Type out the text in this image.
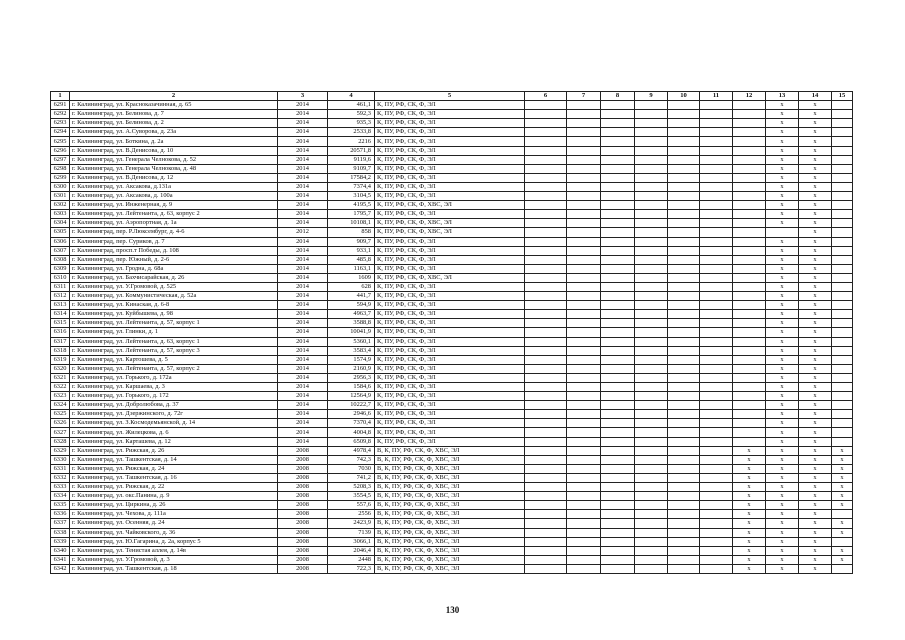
1	2	3	4	5	6	7	8	9	10	11	12	13	14	15
6291	г. Калининград, ул. Красноказачинная, д. 65	2014	461,1	К, ПУ, РФ, СК, Ф, ЭЛ								х	х	
6292	г. Калининград, ул. Белинова, д. 7	2014	592,3	К, ПУ, РФ, СК, Ф, ЭЛ								х	х	
6293	г. Калининград, ул. Белинова, д. 2	2014	935,3	К, ПУ, РФ, СК, Ф, ЭЛ								х	х	
6294	г. Калининград, ул. А.Суворова, д. 23а	2014	2533,8	К, ПУ, РФ, СК, Ф, ЭЛ								х	х	
6295	г. Калининград, ул. Боткина, д. 2а	2014	2216	К, ПУ, РФ, СК, Ф, ЭЛ								х	х	
6296	г. Калининград, ул. В.Денисова, д. 10	2014	20571,8	К, ПУ, РФ, СК, Ф, ЭЛ								х	х	
6297	г. Калининград, ул. Генерала Челнокова, д. 52	2014	9119,6	К, ПУ, РФ, СК, Ф, ЭЛ								х	х	
6298	г. Калининград, ул. Генерала Челнокова, д. 48	2014	9109,7	К, ПУ, РФ, СК, Ф, ЭЛ								х	х	
6299	г. Калининград, ул. В.Денисова, д. 12	2014	17584,2	К, ПУ, РФ, СК, Ф, ЭЛ								х	х	
6300	г. Калининград, ул. Аксакова, д.131а	2014	7374,4	К, ПУ, РФ, СК, Ф, ЭЛ								х	х	
6301	г. Калининград, ул. Аксакова, д. 100а	2014	3104,5	К, ПУ, РФ, СК, Ф, ЭЛ								х	х	
6302	г. Калининград, ул. Инженерная, д. 9	2014	4195,5	К, ПУ, РФ, СК, Ф, ХВС, ЭЛ								х	х	
6303	г. Калининград, ул. Лейтенанта, д. 63, корпус 2	2014	1795,7	К, ПУ, РФ, СК, Ф, ЭЛ								х	х	
6304	г. Калининград, ул. Аэропортная, д. 1а	2014	10108,1	К, ПУ, РФ, СК, Ф, ХВС, ЭЛ								х	х	
6305	г. Калининград, пер. Р.Люксембург, д. 4-6	2012	858	К, ПУ, РФ, СК, Ф, ХВС, ЭЛ									х	
6306	г. Калининград, пер. Суриков, д. 7	2014	909,7	К, ПУ, РФ, СК, Ф, ЭЛ								х	х	
6307	г. Калининград, просп.т Победы, д. 108	2014	933,1	К, ПУ, РФ, СК, Ф, ЭЛ								х	х	
6308	г. Калининград, пер. Южный, д. 2-6	2014	485,8	К, ПУ, РФ, СК, Ф, ЭЛ								х	х	
6309	г. Калининград, ул. Гродна, д. 68а	2014	1163,1	К, ПУ, РФ, СК, Ф, ЭЛ								х	х	
6310	г. Калининград, ул. Бахчисарайская, д. 26	2014	1609	К, ПУ, РФ, СК, Ф, ХВС, ЭЛ								х	х	
6311	г. Калининград, ул. У.Громовой, д. 525	2014	628	К, ПУ, РФ, СК, Ф, ЭЛ								х	х	
6312	г. Калининград, ул. Коммунистическая, д. 52а	2014	441,7	К, ПУ, РФ, СК, Ф, ЭЛ								х	х	
6313	г. Калининград, ул. Кинаская, д. 6-8	2014	594,9	К, ПУ, РФ, СК, Ф, ЭЛ								х	х	
6314	г. Калининград, ул. Куйбышева, д. 98	2014	4963,7	К, ПУ, РФ, СК, Ф, ЭЛ								х	х	
6315	г. Калининград, ул. Лейтенанта, д. 57, корпус 1	2014	3588,8	К, ПУ, РФ, СК, Ф, ЭЛ								х	х	
6316	г. Калининград, ул. Глинки, д. 1	2014	10041,9	К, ПУ, РФ, СК, Ф, ЭЛ								х	х	
6317	г. Калининград, ул. Лейтенанта, д. 63, корпус 1	2014	5360,1	К, ПУ, РФ, СК, Ф, ЭЛ								х	х	
6318	г. Калининград, ул. Лейтенанта, д. 57, корпус 3	2014	3583,4	К, ПУ, РФ, СК, Ф, ЭЛ								х	х	
6319	г. Калининград, ул. Картошева, д. 5	2014	1574,9	К, ПУ, РФ, СК, Ф, ЭЛ								х	х	
6320	г. Калининград, ул. Лейтенанта, д. 57, корпус 2	2014	2160,9	К, ПУ, РФ, СК, Ф, ЭЛ								х	х	
6321	г. Калининград, ул. Горького, д. 172а	2014	2956,3	К, ПУ, РФ, СК, Ф, ЭЛ								х	х	
6322	г. Калининград, ул. Каршаева, д. 3	2014	1584,6	К, ПУ, РФ, СК, Ф, ЭЛ								х	х	
6323	г. Калининград, ул. Горького, д. 172	2014	12564,9	К, ПУ, РФ, СК, Ф, ЭЛ								х	х	
6324	г. Калининград, ул. Добролюбова, д. 37	2014	10222,7	К, ПУ, РФ, СК, Ф, ЭЛ								х	х	
6325	г. Калининград, ул. Дзержинского, д. 72г	2014	2946,6	К, ПУ, РФ, СК, Ф, ЭЛ								х	х	
6326	г. Калининград, ул. З.Космодемьянской, д. 14	2014	7370,4	К, ПУ, РФ, СК, Ф, ЭЛ								х	х	
6327	г. Калининград, ул. Жилецкова, д. 6	2014	4004,8	К, ПУ, РФ, СК, Ф, ЭЛ								х	х	
6328	г. Калининград, ул. Карташева, д. 12	2014	6509,8	К, ПУ, РФ, СК, Ф, ЭЛ								х	х	
6329	г. Калининград, ул. Рижская, д. 26	2008	4978,4	В, К, ПУ, РФ, СК, Ф, ХВС, ЭЛ							х	х	х	х
6330	г. Калининград, ул. Ташкентская, д. 14	2008	742,3	В, К, ПУ, РФ, СК, Ф, ХВС, ЭЛ							х	х	х	х
6331	г. Калининград, ул. Рижская, д. 24	2008	7030	В, К, ПУ, РФ, СК, Ф, ХВС, ЭЛ							х	х	х	х
6332	г. Калининград, ул. Ташкентская, д. 16	2008	741,2	В, К, ПУ, РФ, СК, Ф, ХВС, ЭЛ							х	х	х	х
6333	г. Калининград, ул. Рижская, д. 22	2008	5208,3	В, К, ПУ, РФ, СК, Ф, ХВС, ЭЛ							х	х	х	х
6334	г. Калининград, ул. окс.Панина, д. 9	2008	3554,5	В, К, ПУ, РФ, СК, Ф, ХВС, ЭЛ							х	х	х	х
6335	г. Калининград, ул. Циркина, д. 26	2008	557,6	В, К, ПУ, РФ, СК, Ф, ХВС, ЭЛ							х	х	х	х
6336	г. Калининград, ул. Чехова, д. 111а	2008	2556	В, К, ПУ, РФ, СК, Ф, ХВС, ЭЛ							х	х	х	
6337	г. Калининград, ул. Осенняя, д. 24	2008	2423,9	В, К, ПУ, РФ, СК, Ф, ХВС, ЭЛ							х	х	х	х
6338	г. Калининград, ул. Чайковского, д. 36	2008	7139	В, К, ПУ, РФ, СК, Ф, ХВС, ЭЛ							х	х	х	х
6339	г. Калининград, ул. Ю.Гагарина, д. 2а, корпус 5	2008	3066,1	В, К, ПУ, РФ, СК, Ф, ХВС, ЭЛ							х	х	х	
6340	г. Калининград, ул. Тенистая аллея, д. 14в	2008	2046,4	В, К, ПУ, РФ, СК, Ф, ХВС, ЭЛ							х	х	х	х
6341	г. Калининград, ул. У.Громовой, д. 3	2008	2448	В, К, ПУ, РФ, СК, Ф, ХВС, ЭЛ							х	х	х	х
6342	г. Калининград, ул. Ташкентская, д. 18	2008	722,3	В, К, ПУ, РФ, СК, Ф, ХВС, ЭЛ							х	х	х	
130
